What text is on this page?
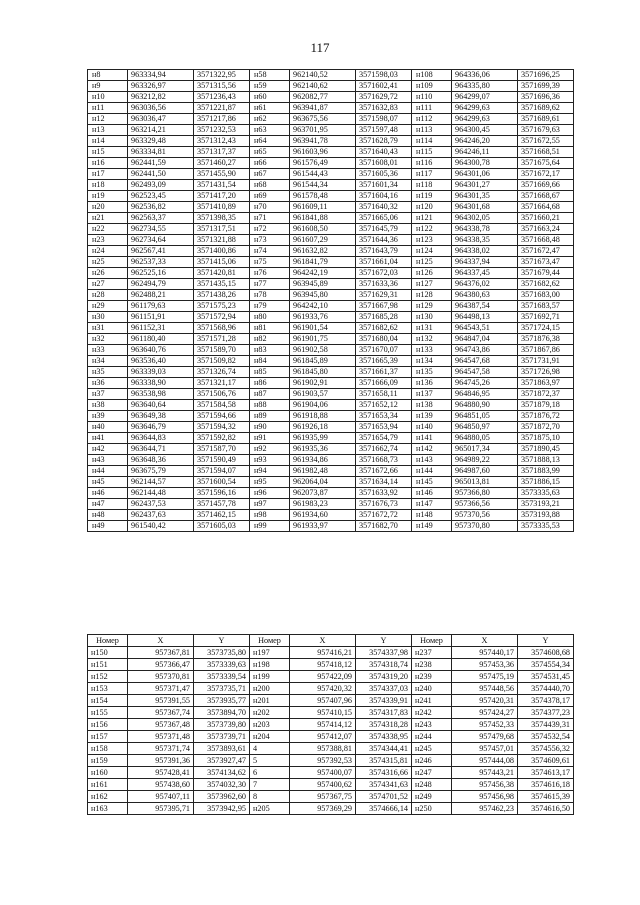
117
н8	963334,94	3571322,95	н58	962140,52	3571598,03	н108	964336,06	3571696,25
н9	963326,97	3571315,56	н59	962140,62	3571602,41	н109	964335,80	3571699,39
н10	963212,82	3571236,43	н60	962082,77	3571629,72	н110	964299,07	3571696,36
н11	963036,56	3571221,87	н61	963941,87	3571632,83	н111	964299,63	3571689,62
н12	963036,47	3571217,86	н62	963675,56	3571598,07	н112	964299,63	3571689,61
н13	963214,21	3571232,53	н63	963701,95	3571597,48	н113	964300,45	3571679,63
н14	963329,48	3571312,43	н64	963941,78	3571628,79	н114	964246,20	3571672,55
н15	963334,81	3571317,37	н65	961603,96	3571640,43	н115	964246,11	3571668,51
н16	962441,59	3571460,27	н66	961576,49	3571608,01	н116	964300,78	3571675,64
н17	962441,50	3571455,90	н67	961544,43	3571605,36	н117	964301,06	3571672,17
н18	962493,09	3571431,54	н68	961544,34	3571601,34	н118	964301,27	3571669,66
н19	962523,45	3571417,20	н69	961578,48	3571604,16	н119	964301,35	3571668,67
н20	962536,82	3571410,89	н70	961609,11	3571640,32	н120	964301,68	3571664,68
н21	962563,37	3571398,35	н71	961841,88	3571665,06	н121	964302,05	3571660,21
н22	962734,55	3571317,51	н72	961608,50	3571645,79	н122	964338,78	3571663,24
н23	962734,64	3571321,88	н73	961607,29	3571644,36	н123	964338,35	3571668,48
н24	962567,41	3571400,86	н74	961632,82	3571643,79	н124	964338,02	3571672,47
н25	962537,33	3571415,06	н75	961841,79	3571661,04	н125	964337,94	3571673,47
н26	962525,16	3571420,81	н76	964242,19	3571672,03	н126	964337,45	3571679,44
н27	962494,79	3571435,15	н77	963945,89	3571633,36	н127	964376,02	3571682,62
н28	962488,21	3571438,26	н78	963945,80	3571629,31	н128	964380,63	3571683,00
н29	961179,63	3571575,23	н79	964242,10	3571667,98	н129	964387,54	3571683,57
н30	961151,91	3571572,94	н80	961933,76	3571685,28	н130	964498,13	3571692,71
н31	961152,31	3571568,96	н81	961901,54	3571682,62	н131	964543,51	3571724,15
н32	961180,40	3571571,28	н82	961901,75	3571680,04	н132	964847,04	3571876,38
н33	963640,76	3571589,70	н83	961902,58	3571670,07	н133	964743,86	3571867,86
н34	963536,40	3571509,82	н84	961845,89	3571665,39	н134	964547,68	3571731,91
н35	963339,03	3571326,74	н85	961845,80	3571661,37	н135	964547,58	3571726,98
н36	963338,90	3571321,17	н86	961902,91	3571666,09	н136	964745,26	3571863,97
н37	963538,98	3571506,76	н87	961903,57	3571658,11	н137	964846,95	3571872,37
н38	963640,64	3571584,58	н88	961904,06	3571652,12	н138	964880,90	3571879,18
н39	963649,38	3571594,66	н89	961918,88	3571653,34	н139	964851,05	3571876,72
н40	963646,79	3571594,32	н90	961926,18	3571653,94	н140	964850,97	3571872,70
н41	963644,83	3571592,82	н91	961935,99	3571654,79	н141	964880,05	3571875,10
н42	963644,71	3571587,70	н92	961935,36	3571662,74	н142	965017,34	3571890,45
н43	963648,36	3571590,49	н93	961934,86	3571668,73	н143	964989,22	3571888,13
н44	963675,79	3571594,07	н94	961982,48	3571672,66	н144	964987,60	3571883,99
н45	962144,57	3571600,54	н95	962064,04	3571634,14	н145	965013,81	3571886,15
н46	962144,48	3571596,16	н96	962073,87	3571633,92	н146	957366,80	3573335,63
н47	962437,53	3571457,78	н97	961983,23	3571676,73	н147	957366,56	3573193,21
н48	962437,63	3571462,15	н98	961934,60	3571672,72	н148	957370,56	3573193,88
н49	961540,42	3571605,03	н99	961933,97	3571682,70	н149	957370,80	3573335,53
Номер	X	Y	Номер	X	Y	Номер	X	Y
н150	957367,81	3573735,80	н197	957416,21	3574337,98	н237	957440,17	3574608,68
н151	957366,47	3573339,63	н198	957418,12	3574318,74	н238	957453,36	3574554,34
н152	957370,81	3573339,54	н199	957422,09	3574319,20	н239	957475,19	3574531,45
н153	957371,47	3573735,71	н200	957420,32	3574337,03	н240	957448,56	3574440,70
н154	957391,55	3573935,77	н201	957407,96	3574339,91	н241	957420,31	3574378,17
н155	957367,74	3573894,70	н202	957410,15	3574317,83	н242	957424,27	3574377,23
н156	957367,48	3573739,80	н203	957414,12	3574318,28	н243	957452,33	3574439,31
н157	957371,48	3573739,71	н204	957412,07	3574338,95	н244	957479,68	3574532,54
н158	957371,74	3573893,61	4	957388,81	3574344,41	н245	957457,01	3574556,32
н159	957391,36	3573927,47	5	957392,53	3574315,81	н246	957444,08	3574609,61
н160	957428,41	3574134,62	6	957400,07	3574316,66	н247	957443,21	3574613,17
н161	957438,60	3574032,30	7	957400,62	3574341,63	н248	957456,38	3574616,18
н162	957407,11	3573962,60	8	957367,75	3574701,52	н249	957456,98	3574615,39
н163	957395,71	3573942,95	н205	957369,29	3574666,14	н250	957462,23	3574616,50
